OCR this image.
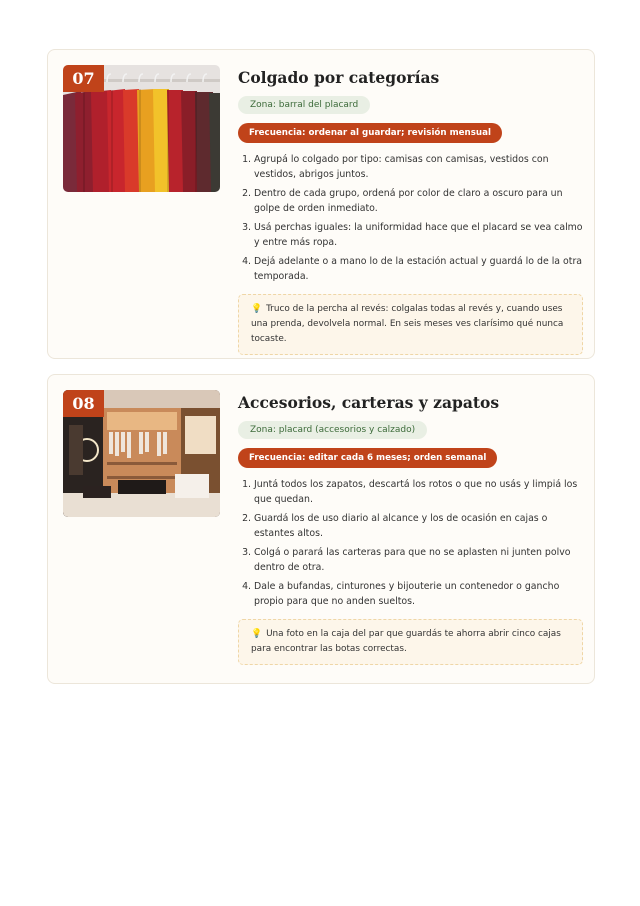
07	Colgado por categorías
Zona: barral del placard
Frecuencia: ordenar al guardar; revisión mensual
1. Agrupá lo colgado por tipo: camisas con camisas, vestidos con vestidos, abrigos juntos.
2. Dentro de cada grupo, ordená por color de claro a oscuro para un golpe de orden inmediato.
3. Usá perchas iguales: la uniformidad hace que el placard se vea calmo y entre más ropa.
4. Dejá adelante o a mano lo de la estación actual y guardá lo de la otra temporada.
💡 Truco de la percha al revés: colgalas todas al revés y, cuando uses una prenda, devolvela normal. En seis meses ves clarísimo qué nunca tocaste.
08	Accesorios, carteras y zapatos
Zona: placard (accesorios y calzado)
Frecuencia: editar cada 6 meses; orden semanal
1. Juntá todos los zapatos, descartá los rotos o que no usás y limpiá los que quedan.
2. Guardá los de uso diario al alcance y los de ocasión en cajas o estantes altos.
3. Colgá o parará las carteras para que no se aplasten ni junten polvo dentro de otra.
4. Dale a bufandas, cinturones y bijouterie un contenedor o gancho propio para que no anden sueltos.
💡 Una foto en la caja del par que guardás te ahorra abrir cinco cajas para encontrar las botas correctas.
